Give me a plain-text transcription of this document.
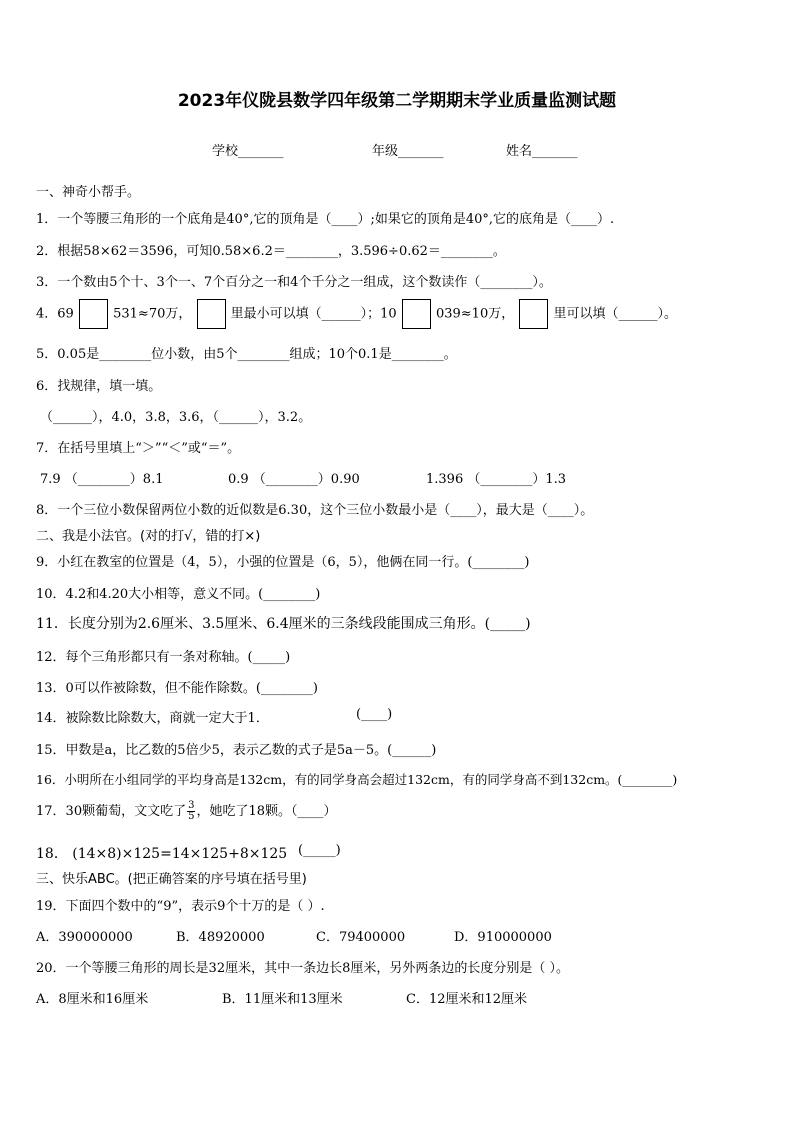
2023年仪陇县数学四年级第二学期期末学业质量监测试题
学校_______	年级_______	姓名_______
一、神奇小帮手。
1．一个等腰三角形的一个底角是40°,它的顶角是（____）;如果它的顶角是40°,它的底角是（____）.
2．根据58×62＝3596，可知0.58×6.2＝________，3.596÷0.62＝________。
3．一个数由5个十、3个一、7个百分之一和4个千分之一组成，这个数读作（________）。
4．69	531≈70万，	里最小可以填（______）；10	039≈10万，	里可以填（______）。
5．0.05是________位小数，由5个________组成；10个0.1是________。
6．找规律，填一填。
（______），4.0，3.8，3.6，（______），3.2。
7．在括号里填上“＞”“＜”或“＝”。
7.9 （________）8.1	0.9 （________）0.90	1.396 （________）1.3
8．一个三位小数保留两位小数的近似数是6.30，这个三位小数最小是（____），最大是（____）。
二、我是小法官。(对的打√，错的打×)
9．小红在教室的位置是（4，5），小强的位置是（6，5），他俩在同一行。(________)
10．4.2和4.20大小相等，意义不同。(________)
11．长度分别为2.6厘米、3.5厘米、6.4厘米的三条线段能围成三角形。(_____)
12．每个三角形都只有一条对称轴。(_____)
13．0可以作被除数，但不能作除数。(________)
14．被除数比除数大，商就一定大于1．	(____)
15．甲数是a，比乙数的5倍少5，表示乙数的式子是5a－5。(______)
16．小明所在小组同学的平均身高是132cm，有的同学身高会超过132cm，有的同学身高不到132cm。(________)
17．30颗葡萄，文文吃了 $\frac{3}{5}$ ，她吃了18颗。（____）
18． (14×8)×125=14×125+8×125 (_____)
三、快乐ABC。(把正确答案的序号填在括号里)
19．下面四个数中的“9”，表示9个十万的是（ ）.
A．390000000	B．48920000	C．79400000	D．910000000
20．一个等腰三角形的周长是32厘米，其中一条边长8厘米，另外两条边的长度分别是（ ）。
A．8厘米和16厘米	B．11厘米和13厘米	C．12厘米和12厘米
